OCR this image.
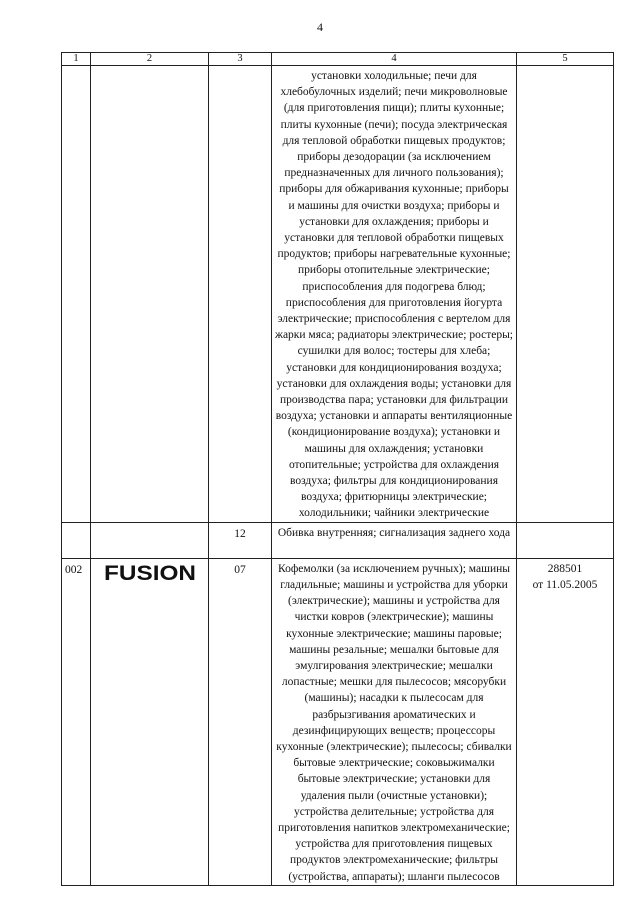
4
1	2	3	4	5
			установки холодильные; печи для хлебобулочных изделий; печи микроволновые (для приготовления пищи); плиты кухонные; плиты кухонные (печи); посуда электрическая для тепловой обработки пищевых продуктов; приборы дезодорации (за исключением предназначенных для личного пользования); приборы для обжаривания кухонные; приборы и машины для очистки воздуха; приборы и установки для охлаждения; приборы и установки для тепловой обработки пищевых продуктов; приборы нагревательные кухонные; приборы отопительные электрические; приспособления для подогрева блюд; приспособления для приготовления йогурта электрические; приспособления с вертелом для жарки мяса; радиаторы электрические; ростеры; сушилки для волос; тостеры для хлеба; установки для кондиционирования воздуха; установки для охлаждения воды; установки для производства пара; установки для фильтрации воздуха; установки и аппараты вентиляционные (кондиционирование воздуха); установки и машины для охлаждения; установки отопительные; устройства для охлаждения воздуха; фильтры для кондиционирования воздуха; фритюрницы электрические; холодильники; чайники электрические	
		12	Обивка внутренняя; сигнализация заднего хода	
002	FUSION	07	Кофемолки (за исключением ручных); машины гладильные; машины и устройства для уборки (электрические); машины и устройства для чистки ковров (электрические); машины кухонные электрические; машины паровые; машины резальные; мешалки бытовые для эмулгирования электрические; мешалки лопастные; мешки для пылесосов; мясорубки (машины); насадки к пылесосам для разбрызгивания ароматических и дезинфицирующих веществ; процессоры кухонные (электрические); пылесосы; сбивалки бытовые электрические; соковыжималки бытовые электрические; установки для удаления пыли (очистные установки); устройства делительные; устройства для приготовления напитков электромеханические; устройства для приготовления пищевых продуктов электромеханические; фильтры (устройства, аппараты); шланги пылесосов	288501
от 11.05.2005
